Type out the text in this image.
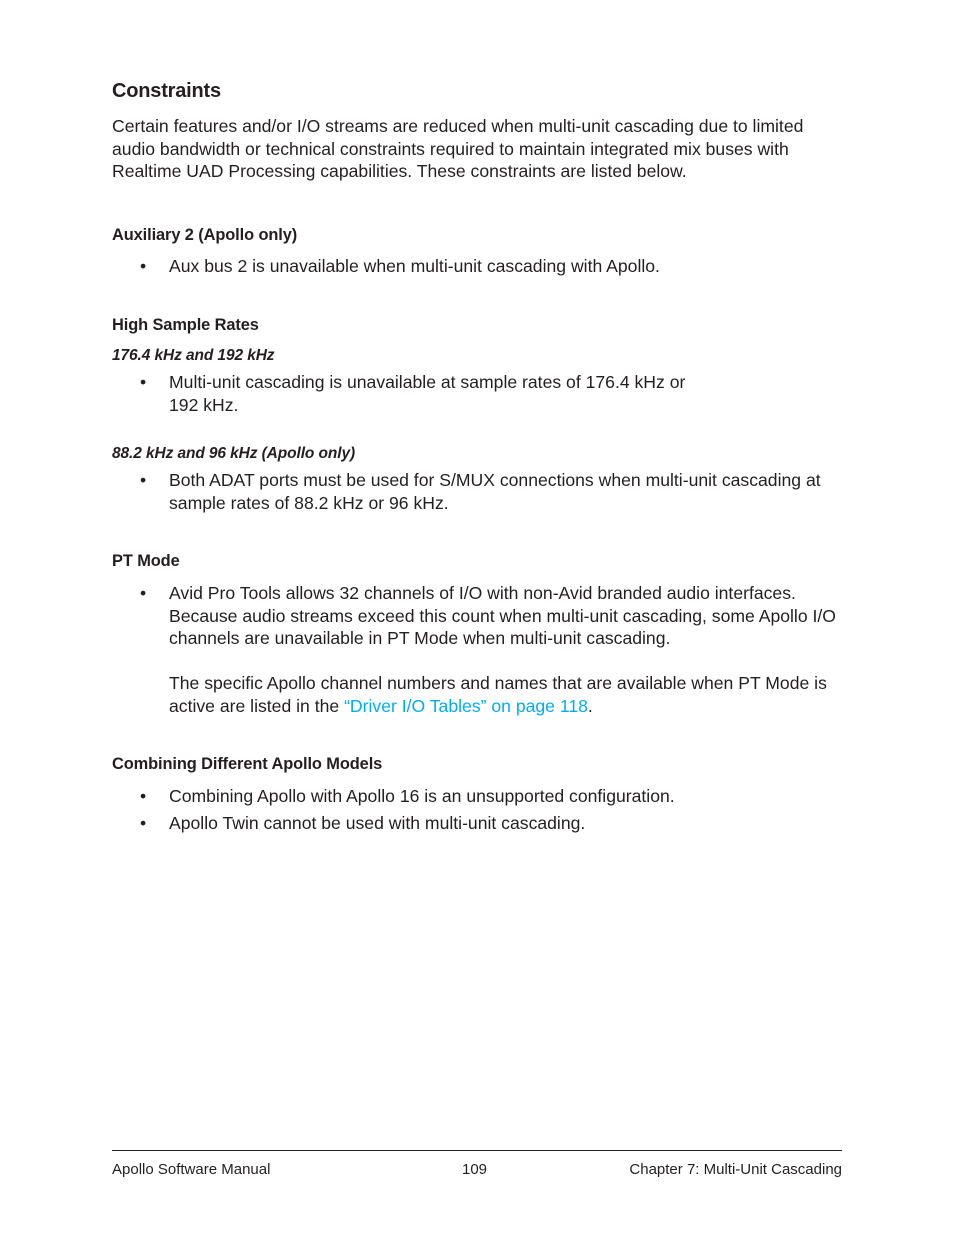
Constraints

Certain features and/or I/O streams are reduced when multi-unit cascading due to limited audio bandwidth or technical constraints required to maintain integrated mix buses with Realtime UAD Processing capabilities. These constraints are listed below.

Auxiliary 2 (Apollo only)
• Aux bus 2 is unavailable when multi-unit cascading with Apollo.
High Sample Rates
176.4 kHz and 192 kHz
• Multi-unit cascading is unavailable at sample rates of 176.4 kHz or
192 kHz.
88.2 kHz and 96 kHz (Apollo only)
• Both ADAT ports must be used for S/MUX connections when multi-unit cascading at sample rates of 88.2 kHz or 96 kHz.
PT Mode
• Avid Pro Tools allows 32 channels of I/O with non-Avid branded audio interfaces. Because audio streams exceed this count when multi-unit cascading, some Apollo I/O channels are unavailable in PT Mode when multi-unit cascading.
The specific Apollo channel numbers and names that are available when PT Mode is active are listed in the “Driver I/O Tables” on page 118.
Combining Different Apollo Models
• Combining Apollo with Apollo 16 is an unsupported configuration.
• Apollo Twin cannot be used with multi-unit cascading.
Apollo Software Manual	109	Chapter 7: Multi-Unit Cascading
